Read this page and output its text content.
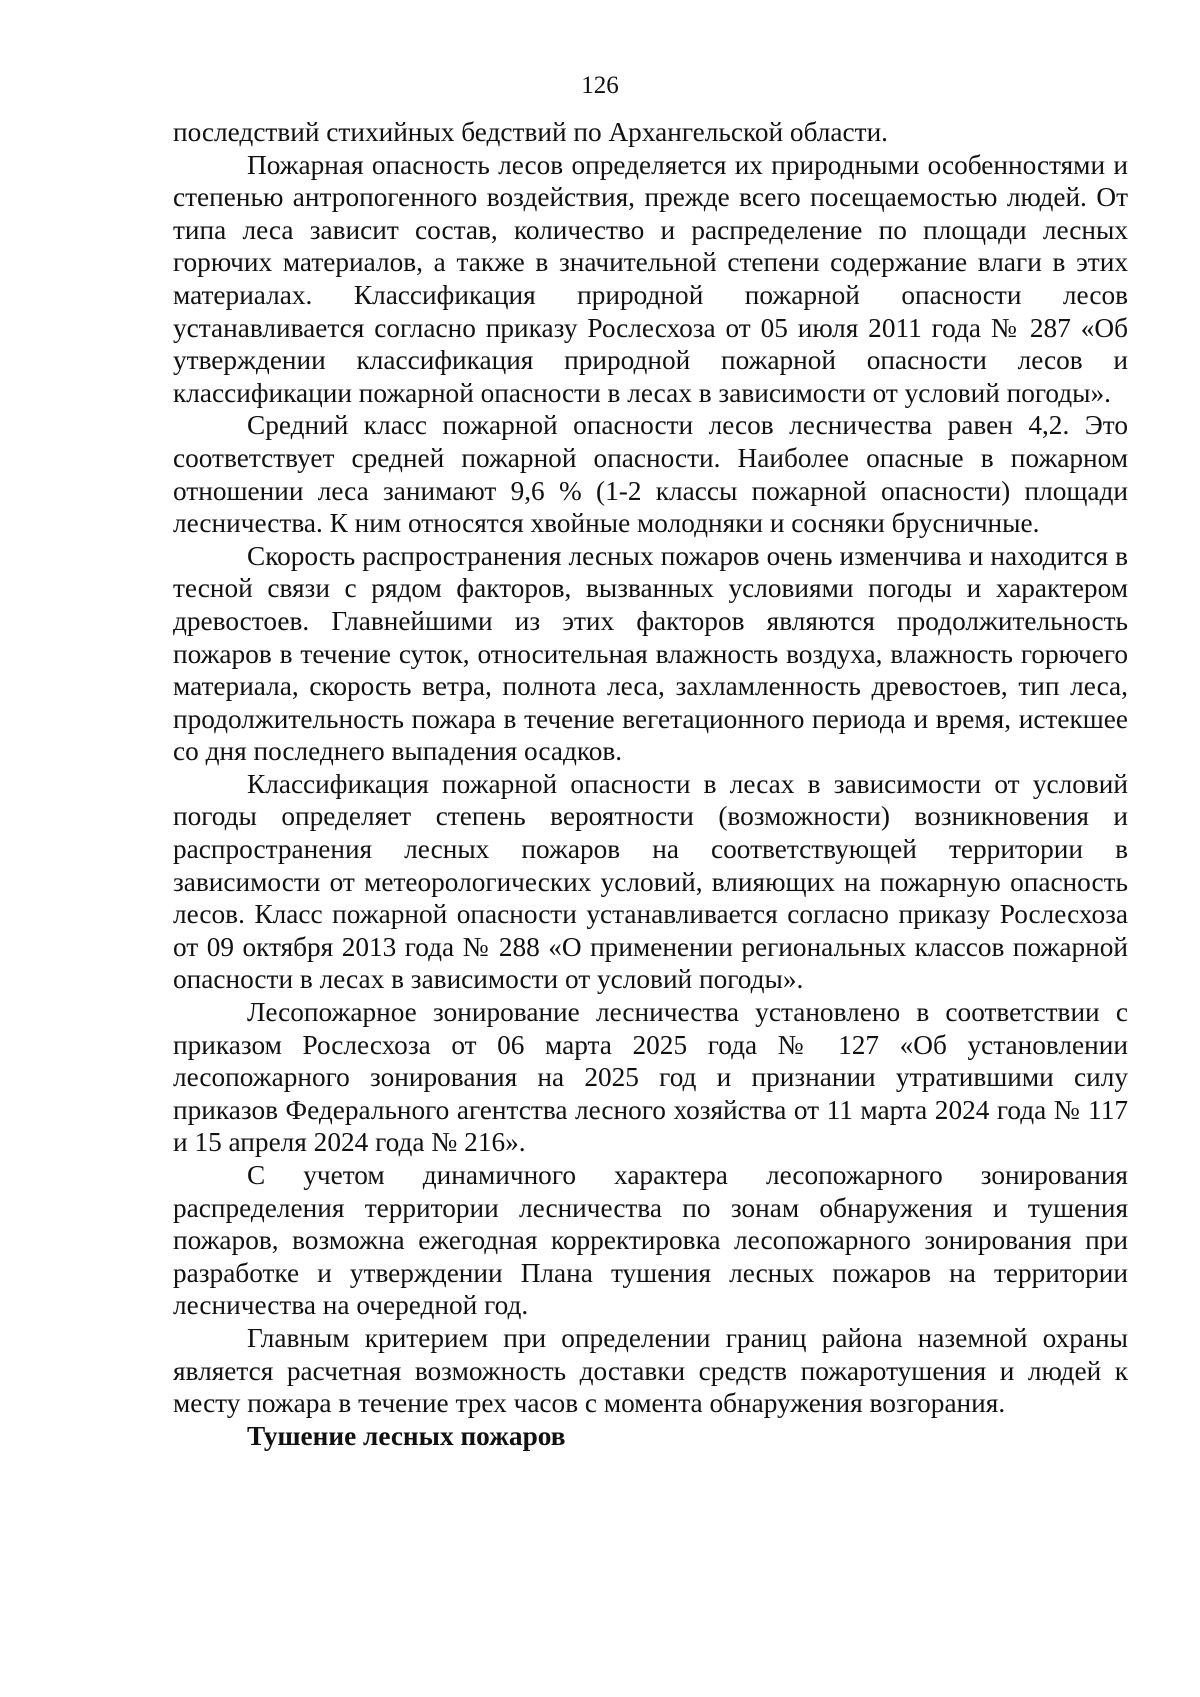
126

последствий стихийных бедствий по Архангельской области.

Пожарная опасность лесов определяется их природными особенностями и степенью антропогенного воздействия, прежде всего посещаемостью людей. От типа леса зависит состав, количество и распределение по площади лесных горючих материалов, а также в значительной степени содержание влаги в этих материалах. Классификация природной пожарной опасности лесов устанавливается согласно приказу Рослесхоза от 05 июля 2011 года № 287 «Об утверждении классификация природной пожарной опасности лесов и классификации пожарной опасности в лесах в зависимости от условий погоды».

Средний класс пожарной опасности лесов лесничества равен 4,2. Это соответствует средней пожарной опасности. Наиболее опасные в пожарном отношении леса занимают 9,6 % (1-2 классы пожарной опасности) площади лесничества. К ним относятся хвойные молодняки и сосняки брусничные.

Скорость распространения лесных пожаров очень изменчива и находится в тесной связи с рядом факторов, вызванных условиями погоды и характером древостоев. Главнейшими из этих факторов являются продолжительность пожаров в течение суток, относительная влажность воздуха, влажность горючего материала, скорость ветра, полнота леса, захламленность древостоев, тип леса, продолжительность пожара в течение вегетационного периода и время, истекшее со дня последнего выпадения осадков.

Классификация пожарной опасности в лесах в зависимости от условий погоды определяет степень вероятности (возможности) возникновения и распространения лесных пожаров на соответствующей территории в зависимости от метеорологических условий, влияющих на пожарную опасность лесов. Класс пожарной опасности устанавливается согласно приказу Рослесхоза от 09 октября 2013 года № 288 «О применении региональных классов пожарной опасности в лесах в зависимости от условий погоды».

Лесопожарное зонирование лесничества установлено в соответствии с приказом Рослесхоза от 06 марта 2025 года № 127 «Об установлении лесопожарного зонирования на 2025 год и признании утратившими силу приказов Федерального агентства лесного хозяйства от 11 марта 2024 года № 117 и 15 апреля 2024 года № 216».

С учетом динамичного характера лесопожарного зонирования распределения территории лесничества по зонам обнаружения и тушения пожаров, возможна ежегодная корректировка лесопожарного зонирования при разработке и утверждении Плана тушения лесных пожаров на территории лесничества на очередной год.

Главным критерием при определении границ района наземной охраны является расчетная возможность доставки средств пожаротушения и людей к месту пожара в течение трех часов с момента обнаружения возгорания.

Тушение лесных пожаров
